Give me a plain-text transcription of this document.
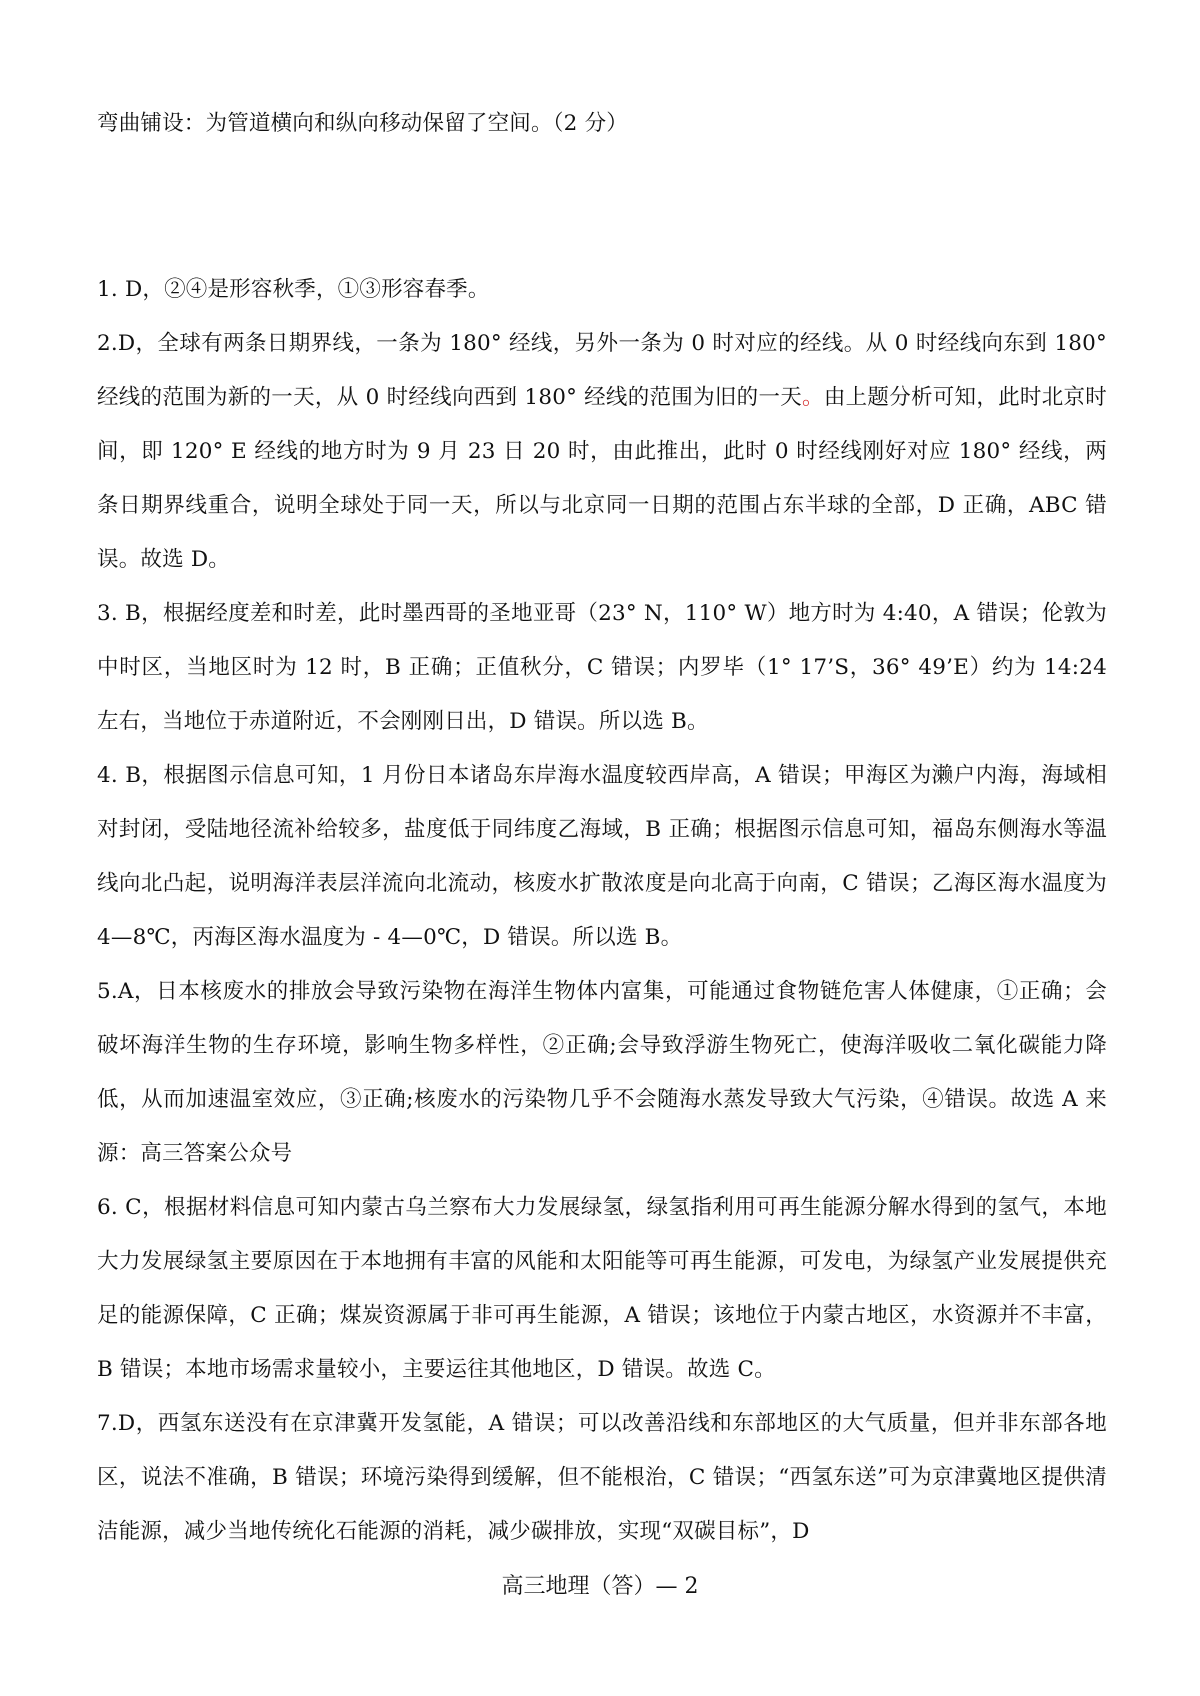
弯曲铺设：为管道横向和纵向移动保留了空间。（2 分）

1. D，②④是形容秋季，①③形容春季。

2.D，全球有两条日期界线，一条为 180° 经线，另外一条为 0 时对应的经线。从 0 时经线向东到 180° 经线的范围为新的一天，从 0 时经线向西到 180° 经线的范围为旧的一天。由上题分析可知，此时北京时间，即 120° E 经线的地方时为 9 月 23 日 20 时，由此推出，此时 0 时经线刚好对应 180° 经线，两条日期界线重合，说明全球处于同一天，所以与北京同一日期的范围占东半球的全部，D 正确，ABC 错误。故选 D。

3. B，根据经度差和时差，此时墨西哥的圣地亚哥（23° N，110° W）地方时为 4:40，A 错误；伦敦为中时区，当地区时为 12 时，B 正确；正值秋分，C 错误；内罗毕（1° 17’S，36° 49’E）约为 14:24 左右，当地位于赤道附近，不会刚刚日出，D 错误。所以选 B。

4. B，根据图示信息可知，1 月份日本诸岛东岸海水温度较西岸高，A 错误；甲海区为濑户内海，海域相对封闭，受陆地径流补给较多，盐度低于同纬度乙海域，B 正确；根据图示信息可知，福岛东侧海水等温线向北凸起，说明海洋表层洋流向北流动，核废水扩散浓度是向北高于向南，C 错误；乙海区海水温度为 4—8℃，丙海区海水温度为 - 4—0℃，D 错误。所以选 B。

5.A，日本核废水的排放会导致污染物在海洋生物体内富集，可能通过食物链危害人体健康，①正确；会破坏海洋生物的生存环境，影响生物多样性，②正确;会导致浮游生物死亡，使海洋吸收二氧化碳能力降低，从而加速温室效应，③正确;核废水的污染物几乎不会随海水蒸发导致大气污染，④错误。故选 A 来源：高三答案公众号

6. C，根据材料信息可知内蒙古乌兰察布大力发展绿氢，绿氢指利用可再生能源分解水得到的氢气，本地大力发展绿氢主要原因在于本地拥有丰富的风能和太阳能等可再生能源，可发电，为绿氢产业发展提供充足的能源保障，C 正确；煤炭资源属于非可再生能源，A 错误；该地位于内蒙古地区，水资源并不丰富，B 错误；本地市场需求量较小，主要运往其他地区，D 错误。故选 C。

7.D，西氢东送没有在京津冀开发氢能，A 错误；可以改善沿线和东部地区的大气质量，但并非东部各地区，说法不准确，B 错误；环境污染得到缓解，但不能根治，C 错误；“西氢东送”可为京津冀地区提供清洁能源，减少当地传统化石能源的消耗，减少碳排放，实现“双碳目标”，D

高三地理（答）— 2
